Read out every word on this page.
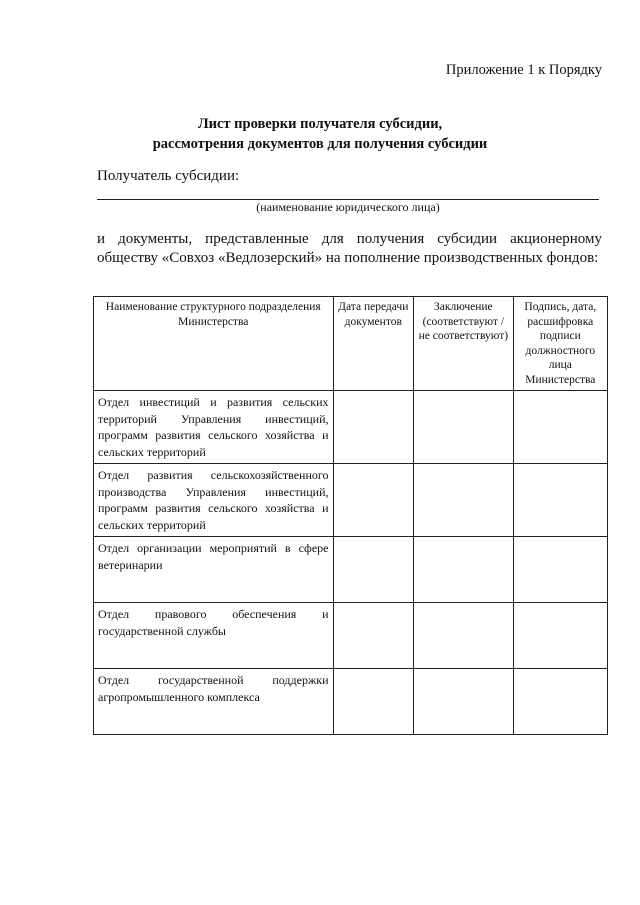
Приложение 1 к Порядку
Лист проверки получателя субсидии,
рассмотрения документов для получения субсидии
Получатель субсидии:
(наименование юридического лица)
и документы, представленные для получения субсидии акционерному обществу «Совхоз «Ведлозерский» на пополнение производственных фондов:
Наименование структурного подразделения Министерства	Дата передачи документов	Заключение (соответствуют / не соответствуют)	Подпись, дата, расшифровка подписи должностного лица Министерства
Отдел инвестиций и развития сельских территорий Управления инвестиций, программ развития сельского хозяйства и сельских территорий			
Отдел развития сельскохозяйственного производства Управления инвестиций, программ развития сельского хозяйства и сельских территорий			
Отдел организации мероприятий в сфере ветеринарии			
Отдел правового обеспечения и государственной службы			
Отдел государственной поддержки агропромышленного комплекса			
